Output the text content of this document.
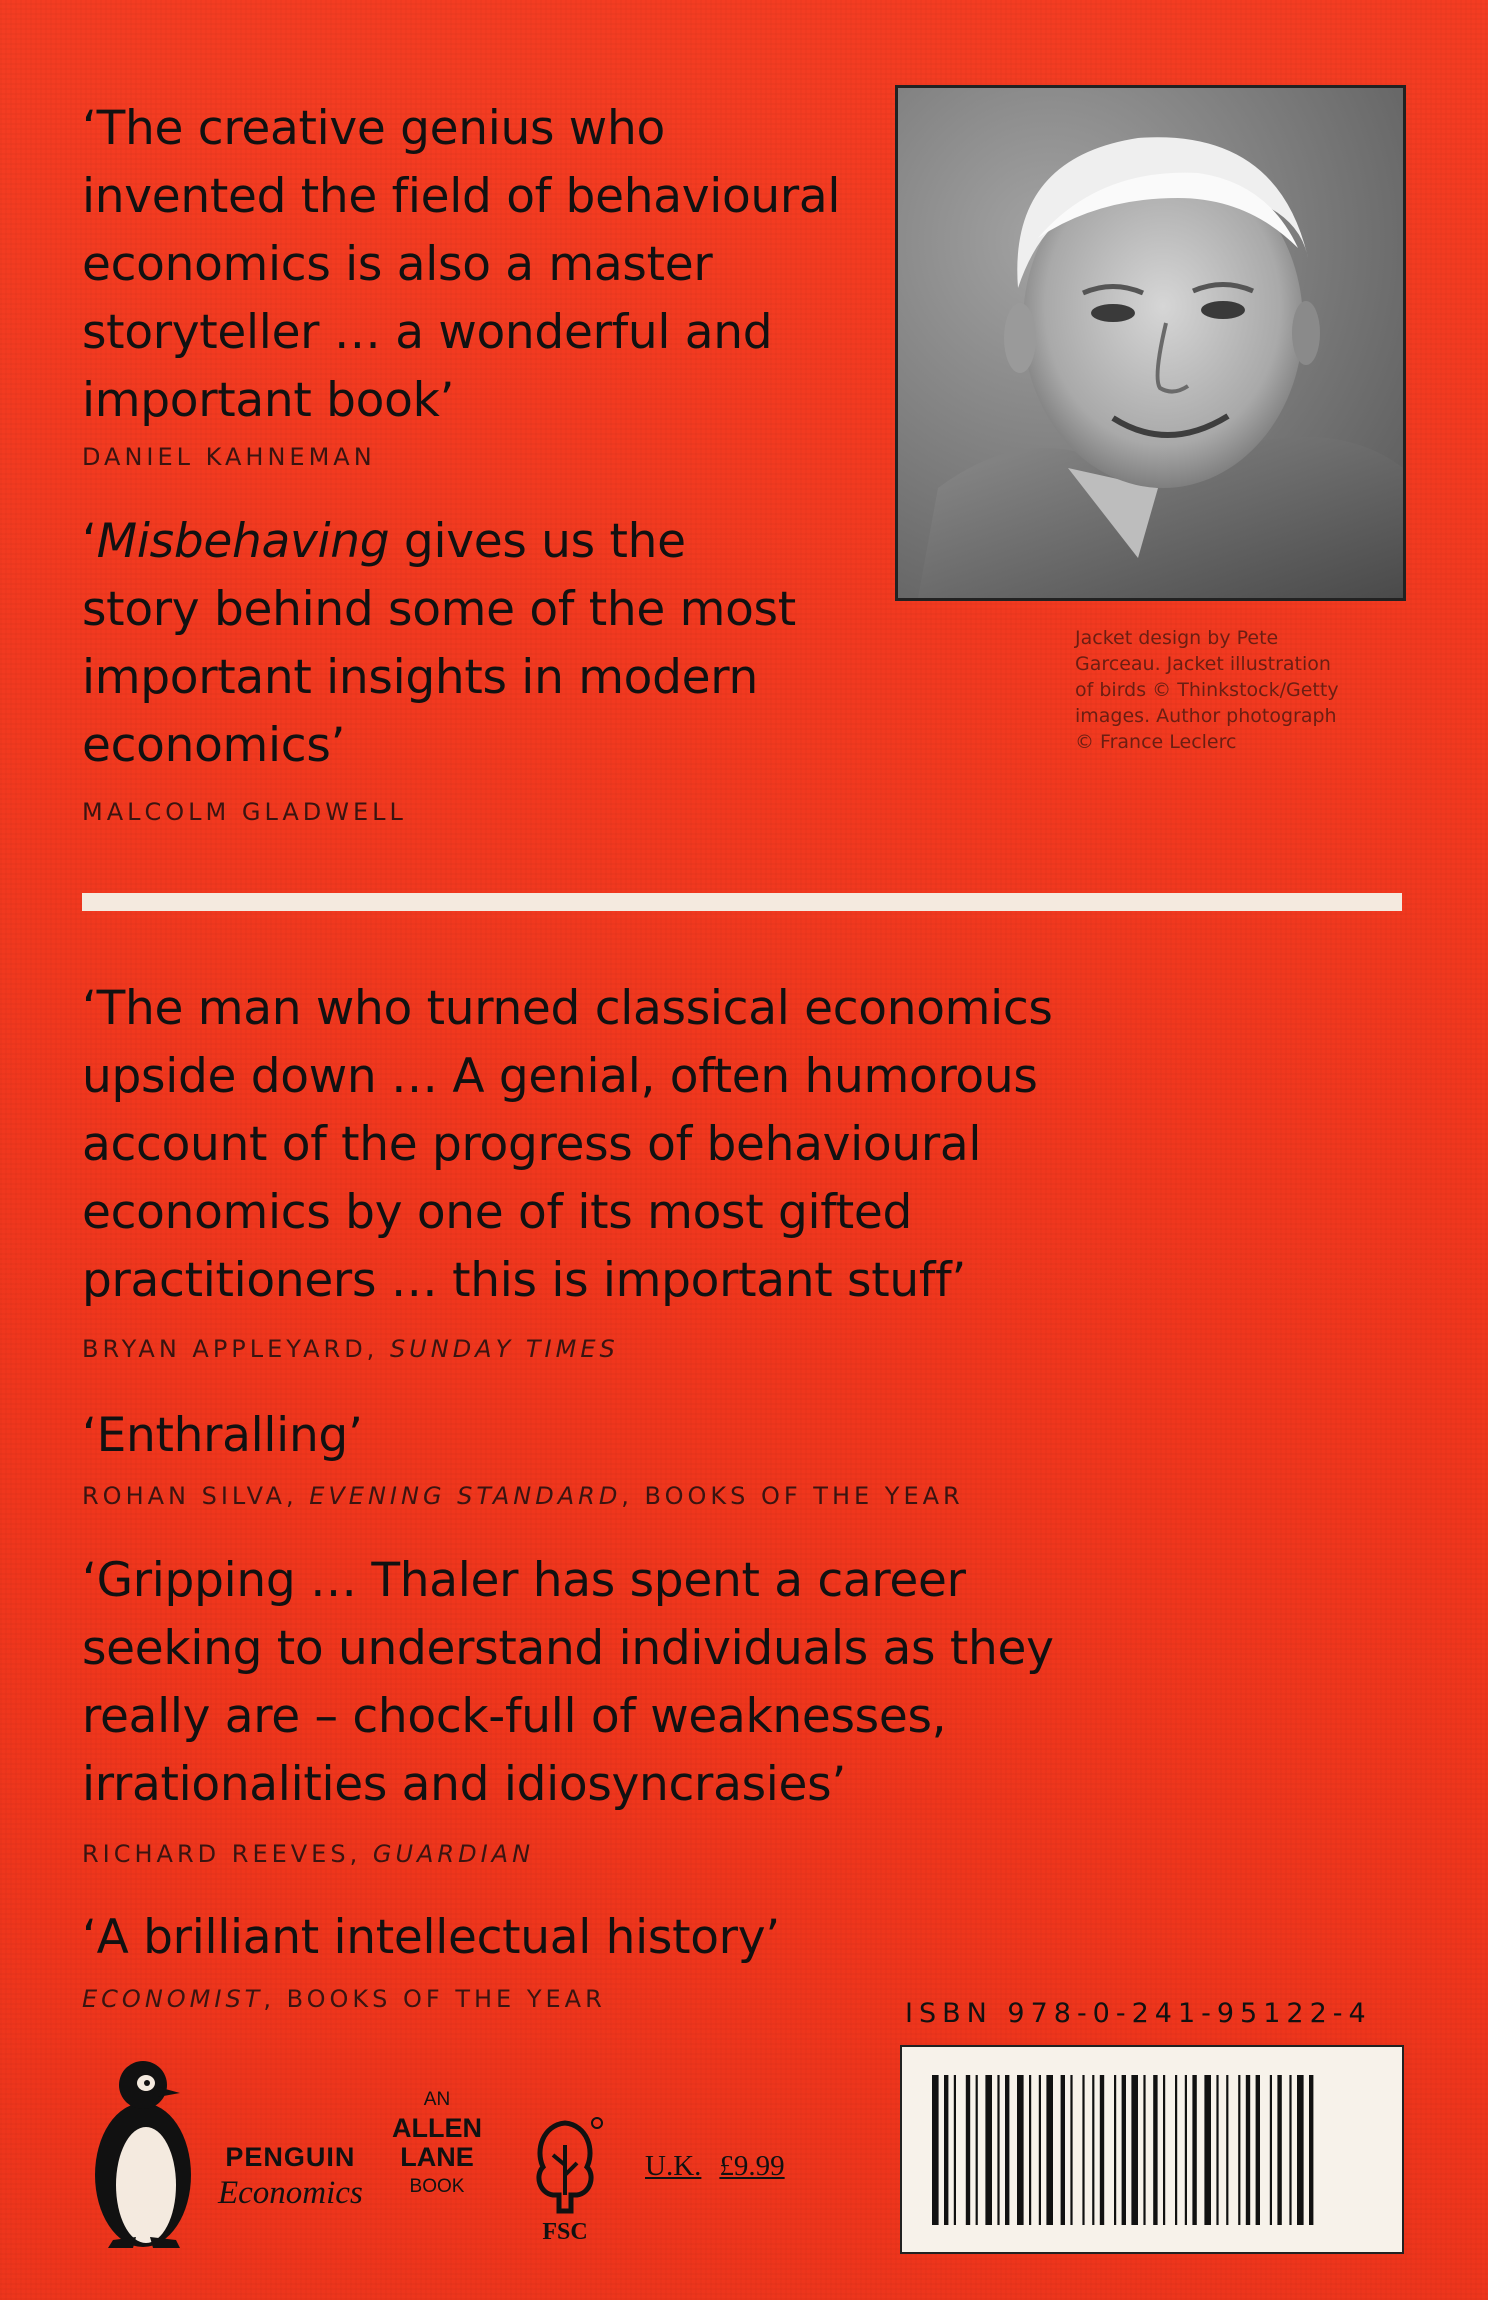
‘The creative genius who
invented the field of behavioural
economics is also a master
storyteller … a wonderful and
important book’

DANIEL KAHNEMAN

‘Misbehaving gives us the
story behind some of the most
important insights in modern
economics’

MALCOLM GLADWELL

Jacket design by Pete
Garceau. Jacket illustration
of birds © Thinkstock/Getty
images. Author photograph
© France Leclerc

‘The man who turned classical economics
upside down … A genial, often humorous
account of the progress of behavioural
economics by one of its most gifted
practitioners … this is important stuff’

BRYAN APPLEYARD, SUNDAY TIMES

‘Enthralling’

ROHAN SILVA, EVENING STANDARD, BOOKS OF THE YEAR

‘Gripping … Thaler has spent a career
seeking to understand individuals as they
really are – chock-full of weaknesses,
irrationalities and idiosyncrasies’

RICHARD REEVES, GUARDIAN

‘A brilliant intellectual history’

ECONOMIST, BOOKS OF THE YEAR

PENGUIN
Economics
AN
ALLEN
LANE
BOOK
FSC
U.K. £9.99
ISBN 978-0-241-95122-4
